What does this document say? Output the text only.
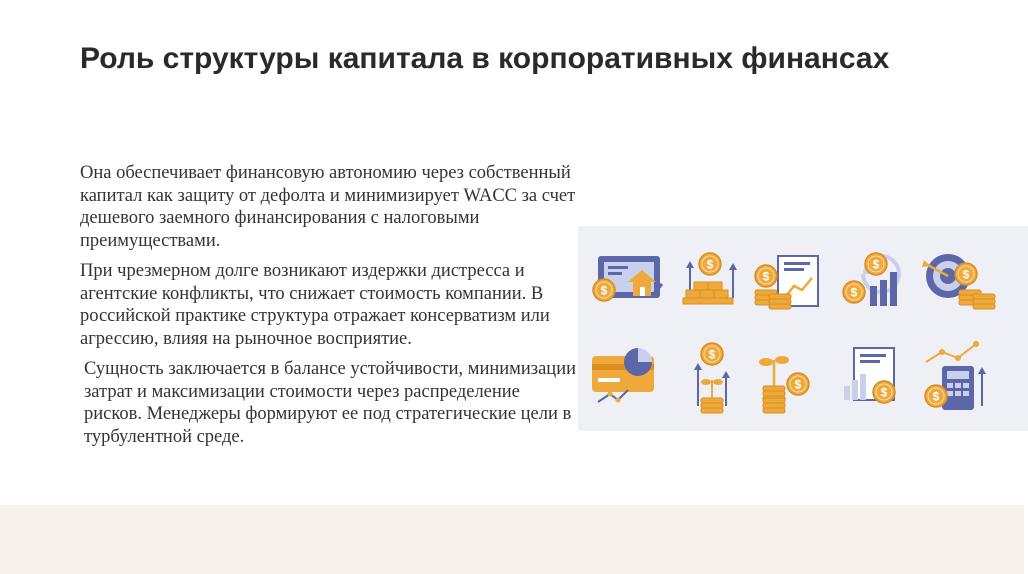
Роль структуры капитала в корпоративных финансах

Она обеспечивает финансовую автономию через собственный капитал как защиту от дефолта и минимизирует WACC за счет дешевого заемного финансирования с налоговыми преимуществами.

При чрезмерном долге возникают издержки дистресса и агентские конфликты, что снижает стоимость компании. В российской практике структура отражает консерватизм или агрессию, влияя на рыночное восприятие.

Сущность заключается в балансе устойчивости, минимизации затрат и максимизации стоимости через распределение рисков. Менеджеры формируют ее под стратегические цели в турбулентной среде.

$
